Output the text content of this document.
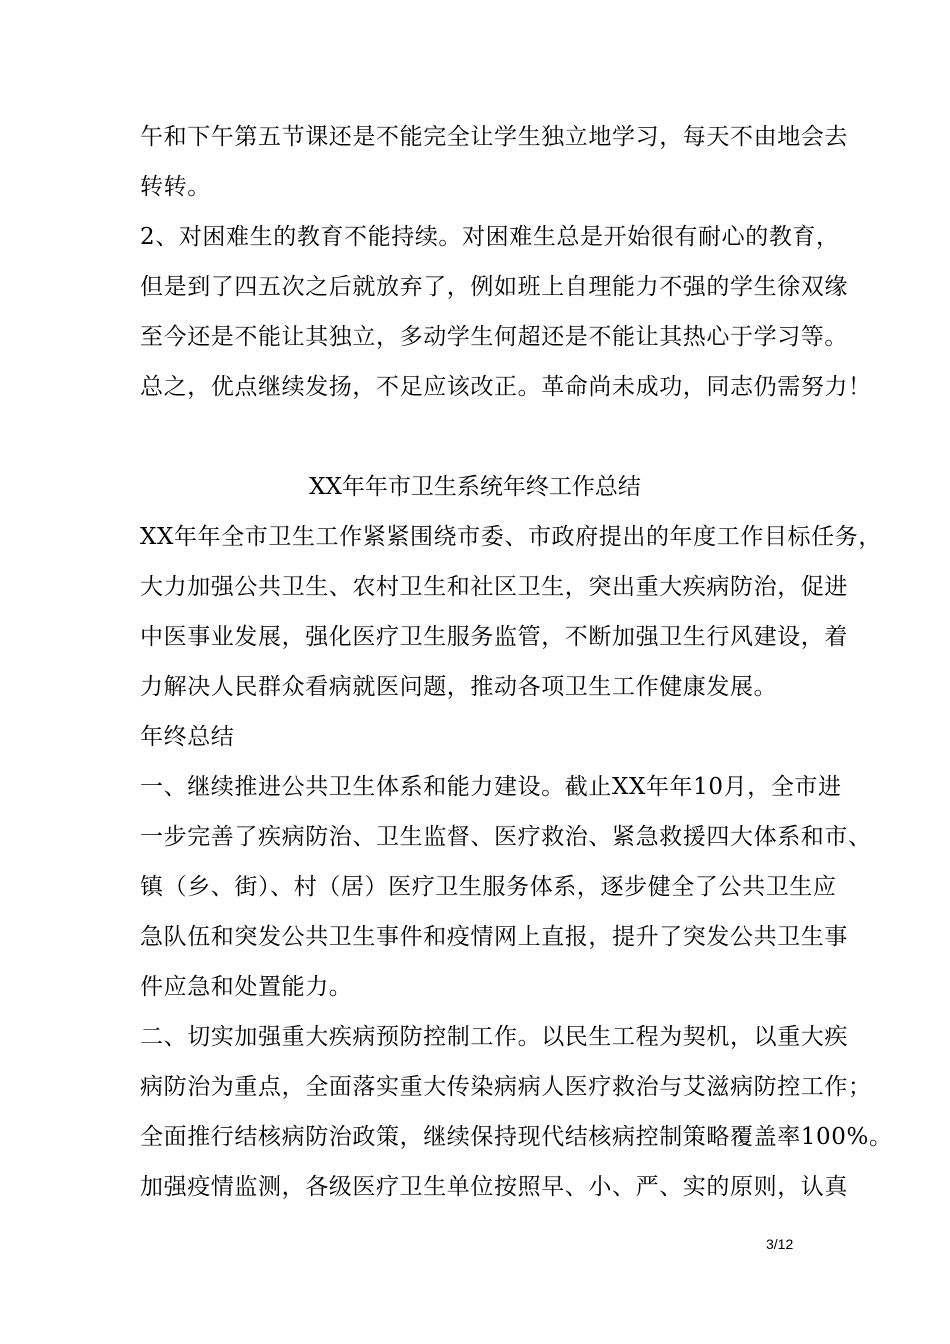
午和下午第五节课还是不能完全让学生独立地学习，每天不由地会去
转转。
2、对困难生的教育不能持续。对困难生总是开始很有耐心的教育，
但是到了四五次之后就放弃了，例如班上自理能力不强的学生徐双缘
至今还是不能让其独立，多动学生何超还是不能让其热心于学习等。
总之，优点继续发扬，不足应该改正。革命尚未成功，同志仍需努力！
XX年年市卫生系统年终工作总结
XX年年全市卫生工作紧紧围绕市委、市政府提出的年度工作目标任务，
大力加强公共卫生、农村卫生和社区卫生，突出重大疾病防治，促进
中医事业发展，强化医疗卫生服务监管，不断加强卫生行风建设，着
力解决人民群众看病就医问题，推动各项卫生工作健康发展。
年终总结
一、继续推进公共卫生体系和能力建设。截止XX年年10月，全市进
一步完善了疾病防治、卫生监督、医疗救治、紧急救援四大体系和市、
镇（乡、街）、村（居）医疗卫生服务体系，逐步健全了公共卫生应
急队伍和突发公共卫生事件和疫情网上直报，提升了突发公共卫生事
件应急和处置能力。
二、切实加强重大疾病预防控制工作。以民生工程为契机，以重大疾
病防治为重点，全面落实重大传染病病人医疗救治与艾滋病防控工作；
全面推行结核病防治政策，继续保持现代结核病控制策略覆盖率100%。
加强疫情监测，各级医疗卫生单位按照早、小、严、实的原则，认真
3/12
